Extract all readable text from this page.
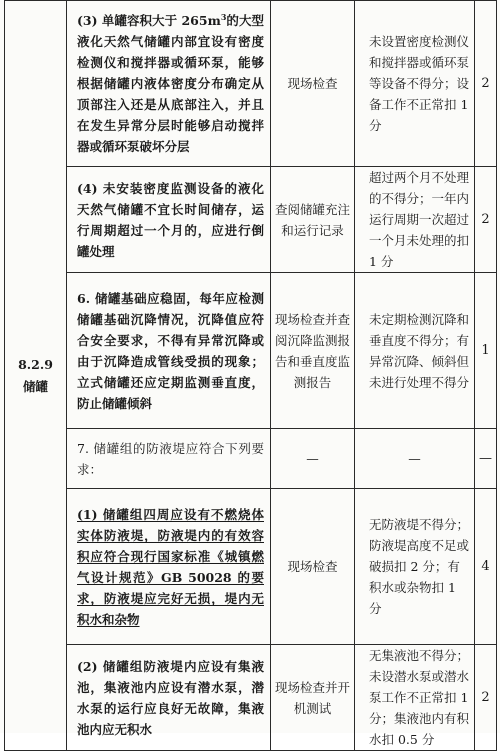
8.2.9
储罐	(3) 单罐容积大于 $265m^3$的大型液化天然气储罐内部宜设有密度检测仪和搅拌器或循环泵，能够根据储罐内液体密度分布确定从顶部注入还是从底部注入，并且在发生异常分层时能够启动搅拌器或循环泵破坏分层	现场检查	未设置密度检测仪和搅拌器或循环泵等设备不得分；设备工作不正常扣 1 分	2
	(4) 未安装密度监测设备的液化天然气储罐不宜长时间储存，运行周期超过一个月的，应进行倒罐处理	查阅储罐充注和运行记录	超过两个月不处理的不得分；一年内运行周期一次超过一个月未处理的扣 1 分	2
	6. 储罐基础应稳固，每年应检测储罐基础沉降情况，沉降值应符合安全要求，不得有异常沉降或由于沉降造成管线受损的现象；立式储罐还应定期监测垂直度，防止储罐倾斜	现场检查并查阅沉降监测报告和垂直度监测报告	未定期检测沉降和垂直度不得分；有异常沉降、倾斜但未进行处理不得分	1
	7. 储罐组的防液堤应符合下列要求：	—	—	—
	(1) 储罐组四周应设有不燃烧体实体防液堤，防液堤内的有效容积应符合现行国家标准《城镇燃气设计规范》GB 50028 的要求，防液堤应完好无损，堤内无积水和杂物	现场检查	无防液堤不得分；防液堤高度不足或破损扣 2 分；有积水或杂物扣 1 分	4
	(2) 储罐组防液堤内应设有集液池，集液池内应设有潜水泵，潜水泵的运行应良好无故障，集液池内应无积水	现场检查并开机测试	无集液池不得分；未设潜水泵或潜水泵工作不正常扣 1 分；集液池内有积水扣 0.5 分	2
